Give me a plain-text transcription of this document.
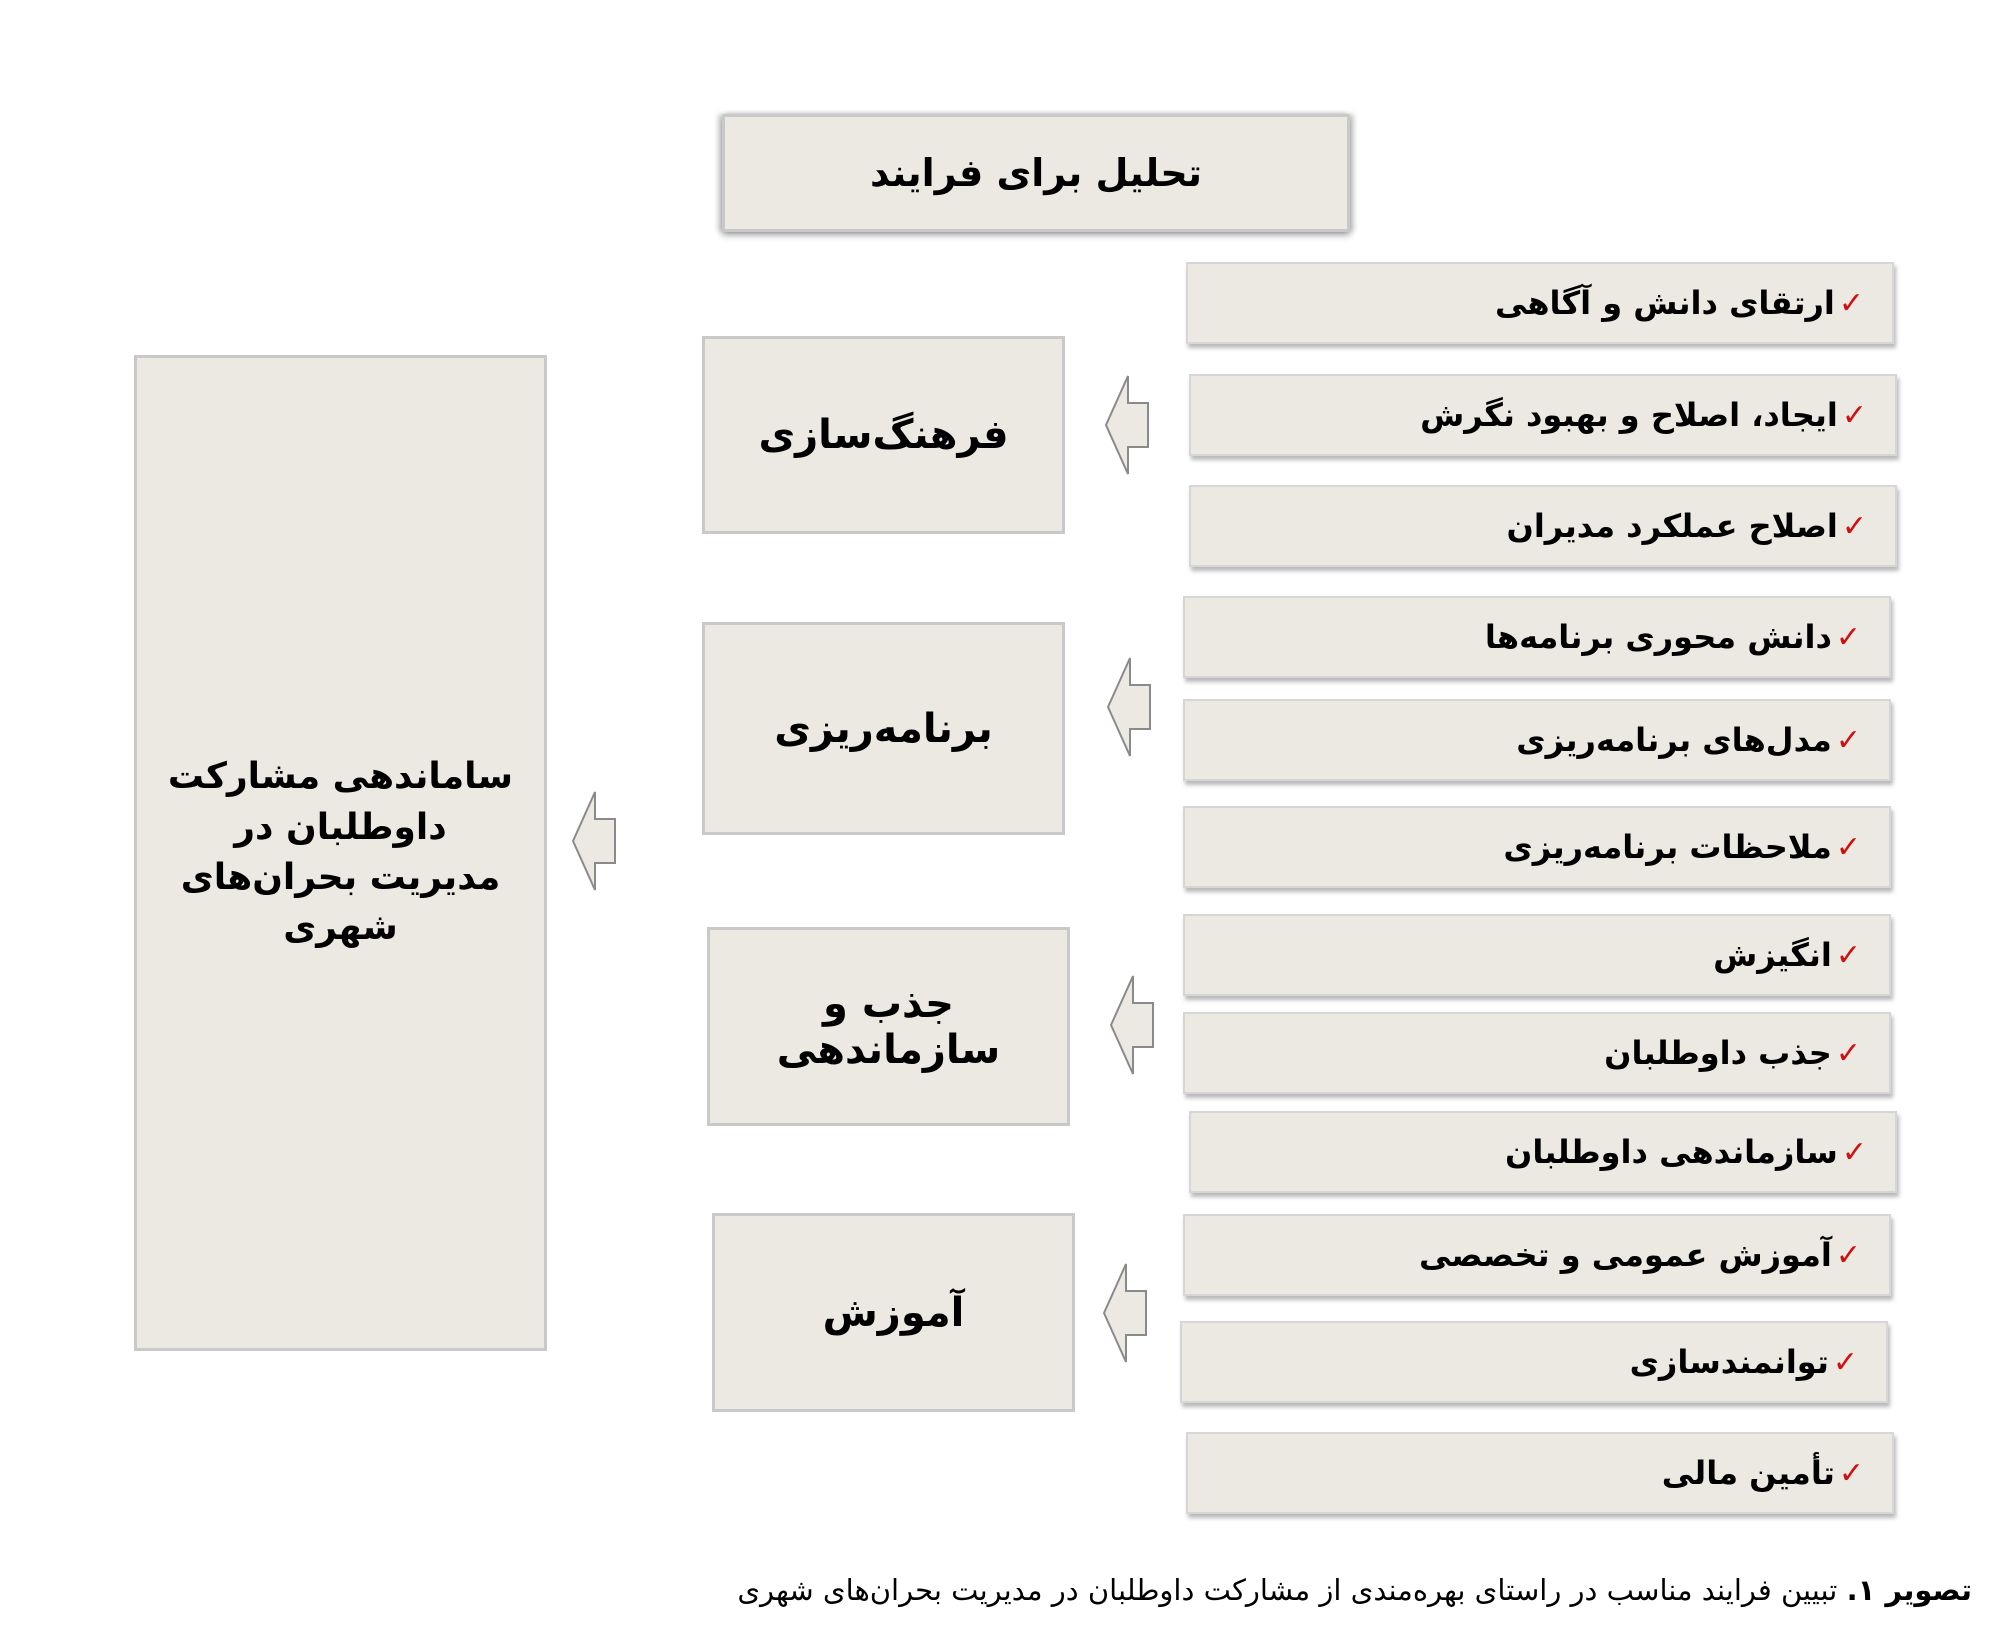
تحلیل برای فرایند
ساماندهی مشارکت داوطلبان در مدیریت بحران‌های شهری
فرهنگ‌سازی
برنامه‌ریزی
جذب و سازماندهی
آموزش
✓
ارتقای دانش و آگاهی
✓
ایجاد، اصلاح و بهبود نگرش
✓
اصلاح عملکرد مدیران
✓
دانش محوری برنامه‌ها
✓
مدل‌های برنامه‌ریزی
✓
ملاحظات برنامه‌ریزی
✓
انگیزش
✓
جذب داوطلبان
✓
سازماندهی داوطلبان
✓
آموزش عمومی و تخصصی
✓
توانمندسازی
✓
تأمین مالی
تصویر ۱. تبیین فرایند مناسب در راستای بهره‌مندی از مشارکت داوطلبان در مدیریت بحران‌های شهری
